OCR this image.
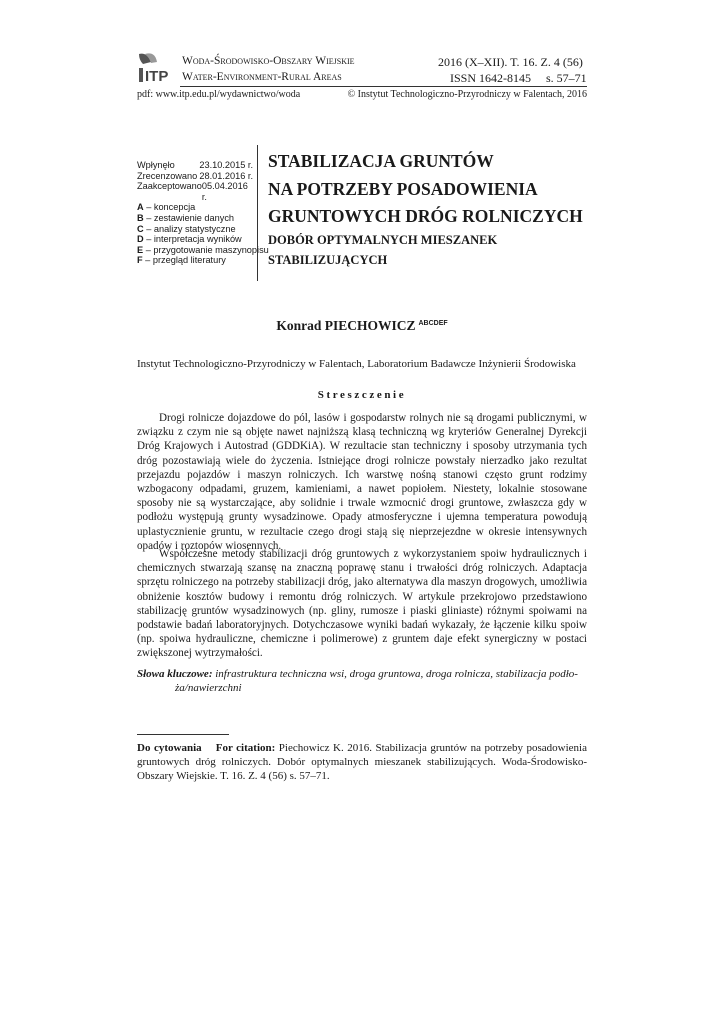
ITP
Woda-Środowisko-Obszary Wiejskie
Water-Environment-Rural Areas
2016 (X–XII). T. 16. Z. 4 (56)
ISSN 1642-8145     s. 57–71
pdf: www.itp.edu.pl/wydawnictwo/woda	© Instytut Technologiczno-Przyrodniczy w Falentach, 2016
Wpłynęło	23.10.2015 r.
Zrecenzowano 28.01.2016 r.
Zaakceptowano 05.04.2016 r.
A – koncepcja
B – zestawienie danych
C – analizy statystyczne
D – interpretacja wyników
E – przygotowanie maszynopisu
F – przegląd literatury
STABILIZACJA GRUNTÓW
NA POTRZEBY POSADOWIENIA
GRUNTOWYCH DRÓG ROLNICZYCH
DOBÓR OPTYMALNYCH MIESZANEK
STABILIZUJĄCYCH
Konrad PIECHOWICZ $^{ABCDEF}$
Instytut Technologiczno-Przyrodniczy w Falentach, Laboratorium Badawcze Inżynierii Środowiska
Streszczenie

Drogi rolnicze dojazdowe do pól, lasów i gospodarstw rolnych nie są drogami publicznymi, w związku z czym nie są objęte nawet najniższą klasą techniczną wg kryteriów Generalnej Dyrekcji Dróg Krajowych i Autostrad (GDDKiA). W rezultacie stan techniczny i sposoby utrzymania tych dróg pozostawiają wiele do życzenia. Istniejące drogi rolnicze powstały nierzadko jako rezultat przejazdu pojazdów i maszyn rolniczych. Ich warstwę nośną stanowi często grunt rodzimy wzbogacony odpadami, gruzem, kamieniami, a nawet popiołem. Niestety, lokalnie stosowane sposoby nie są wystarczające, aby solidnie i trwale wzmocnić drogi gruntowe, zwłaszcza gdy w podłożu występują grunty wysadzinowe. Opady atmosferyczne i ujemna temperatura powodują uplastycznienie gruntu, w rezultacie czego drogi stają się nieprzejezdne w okresie intensywnych opadów i roztopów wiosennych.

Współczesne metody stabilizacji dróg gruntowych z wykorzystaniem spoiw hydraulicznych i chemicznych stwarzają szansę na znaczną poprawę stanu i trwałości dróg rolniczych. Adaptacja sprzętu rolniczego na potrzeby stabilizacji dróg, jako alternatywa dla maszyn drogowych, umożliwia obniżenie kosztów budowy i remontu dróg rolniczych. W artykule przekrojowo przedstawiono stabilizację gruntów wysadzinowych (np. gliny, rumosze i piaski gliniaste) różnymi spoiwami na podstawie badań laboratoryjnych. Dotychczasowe wyniki badań wykazały, że łączenie kilku spoiw (np. spoiwa hydrauliczne, chemiczne i polimerowe) z gruntem daje efekt synergiczny w postaci zwiększonej wytrzymałości.

Słowa kluczowe: infrastruktura techniczna wsi, droga gruntowa, droga rolnicza, stabilizacja podło-
ża/nawierzchni
Do cytowania    For citation: Piechowicz K. 2016. Stabilizacja gruntów na potrzeby posadowienia gruntowych dróg rolniczych. Dobór optymalnych mieszanek stabilizujących. Woda-Środowisko-Obszary Wiejskie. T. 16. Z. 4 (56) s. 57–71.
